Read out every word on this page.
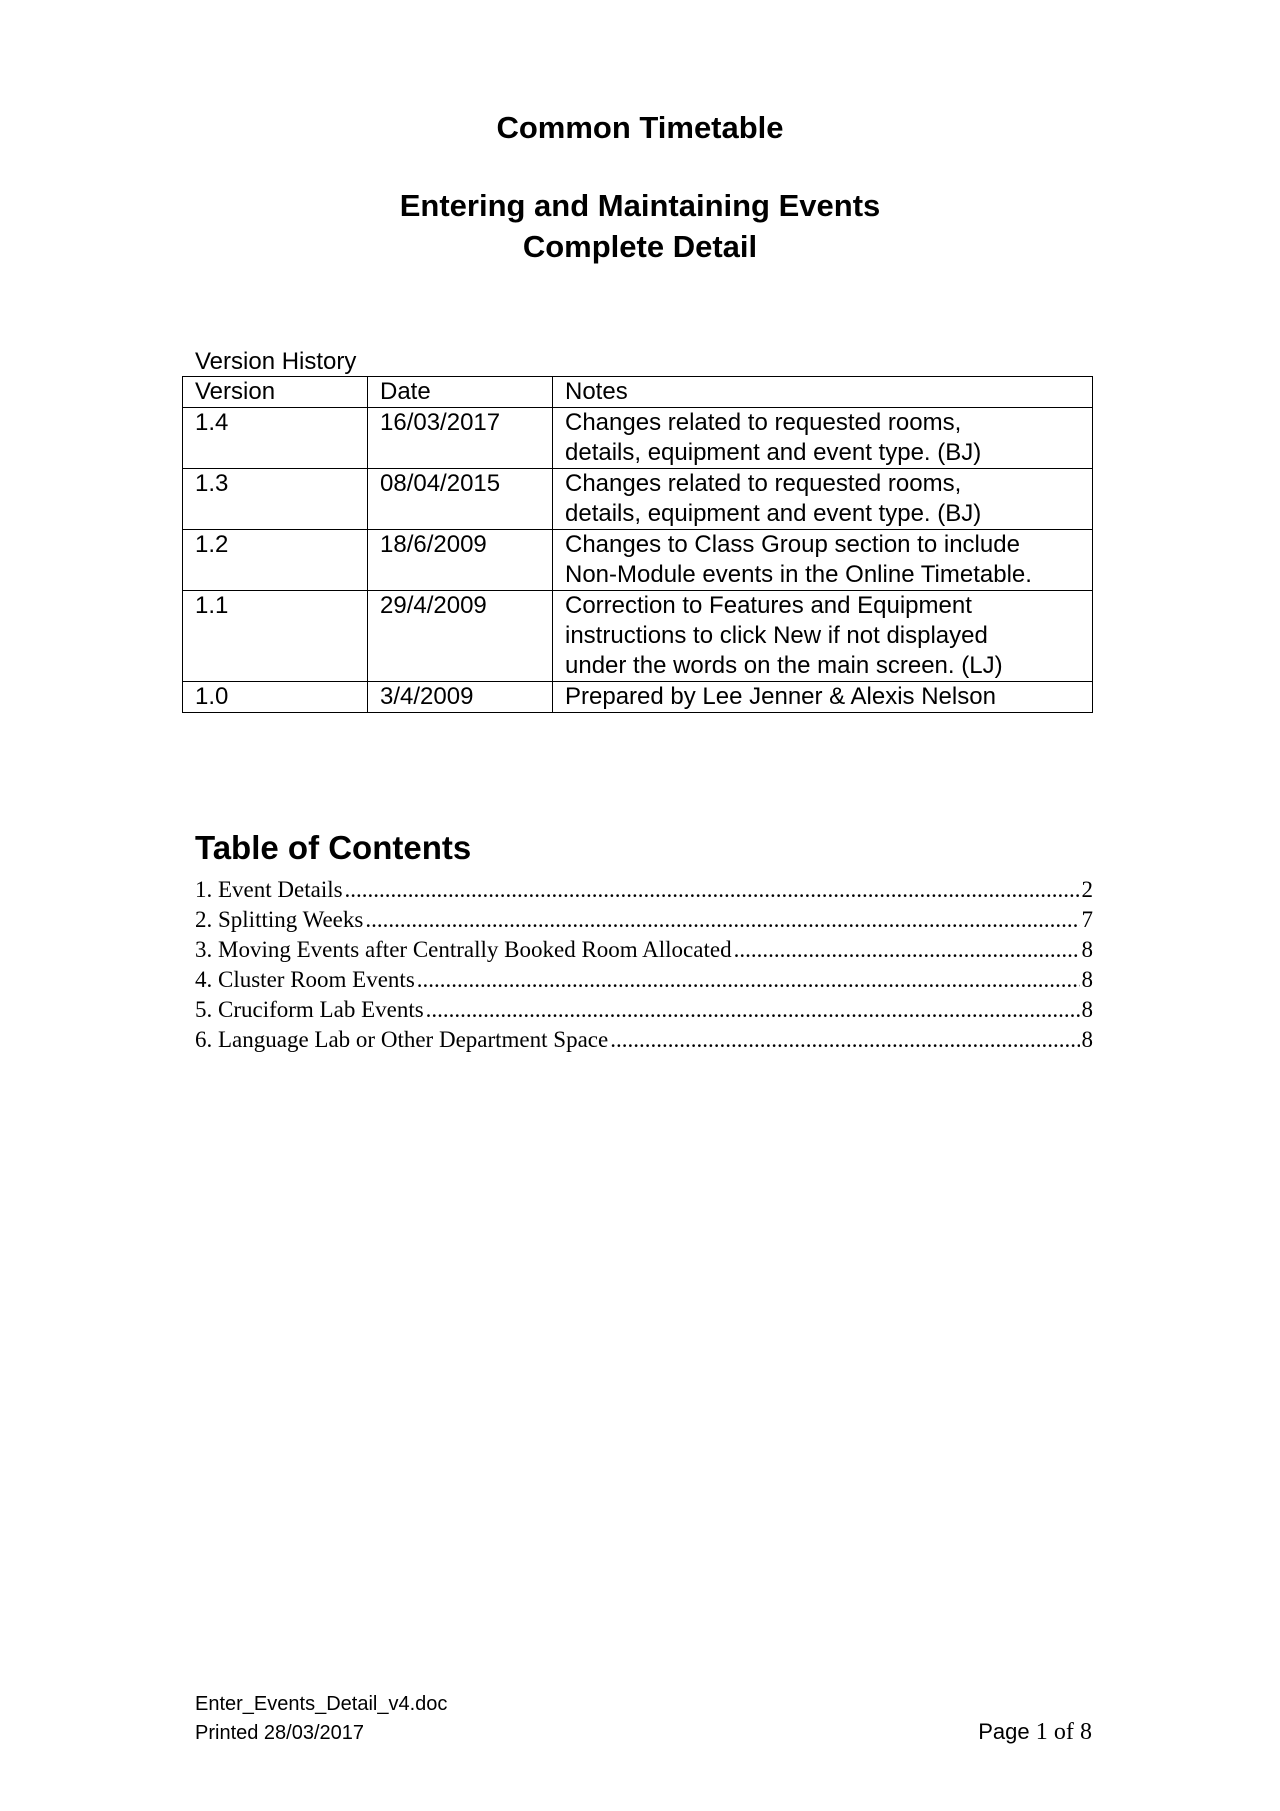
Common Timetable
Entering and Maintaining Events
Complete Detail
Version History
Version	Date	Notes
1.4	16/03/2017	Changes related to requested rooms,
details, equipment and event type. (BJ)

1.3	08/04/2015	Changes related to requested rooms,
details, equipment and event type. (BJ)

1.2	18/6/2009	Changes to Class Group section to include
Non-Module events in the Online Timetable.

1.1	29/4/2009	Correction to Features and Equipment
instructions to click New if not displayed
under the words on the main screen. (LJ)

1.0	3/4/2009	Prepared by Lee Jenner & Alexis Nelson
Table of Contents
1. Event Details .....	2
2. Splitting Weeks .....	7
3. Moving Events after Centrally Booked Room Allocated .....	8
4. Cluster Room Events .....	8
5. Cruciform Lab Events .....	8
6. Language Lab or Other Department Space .....	8
Enter_Events_Detail_v4.doc
Printed 28/03/2017	Page 1 of 8
